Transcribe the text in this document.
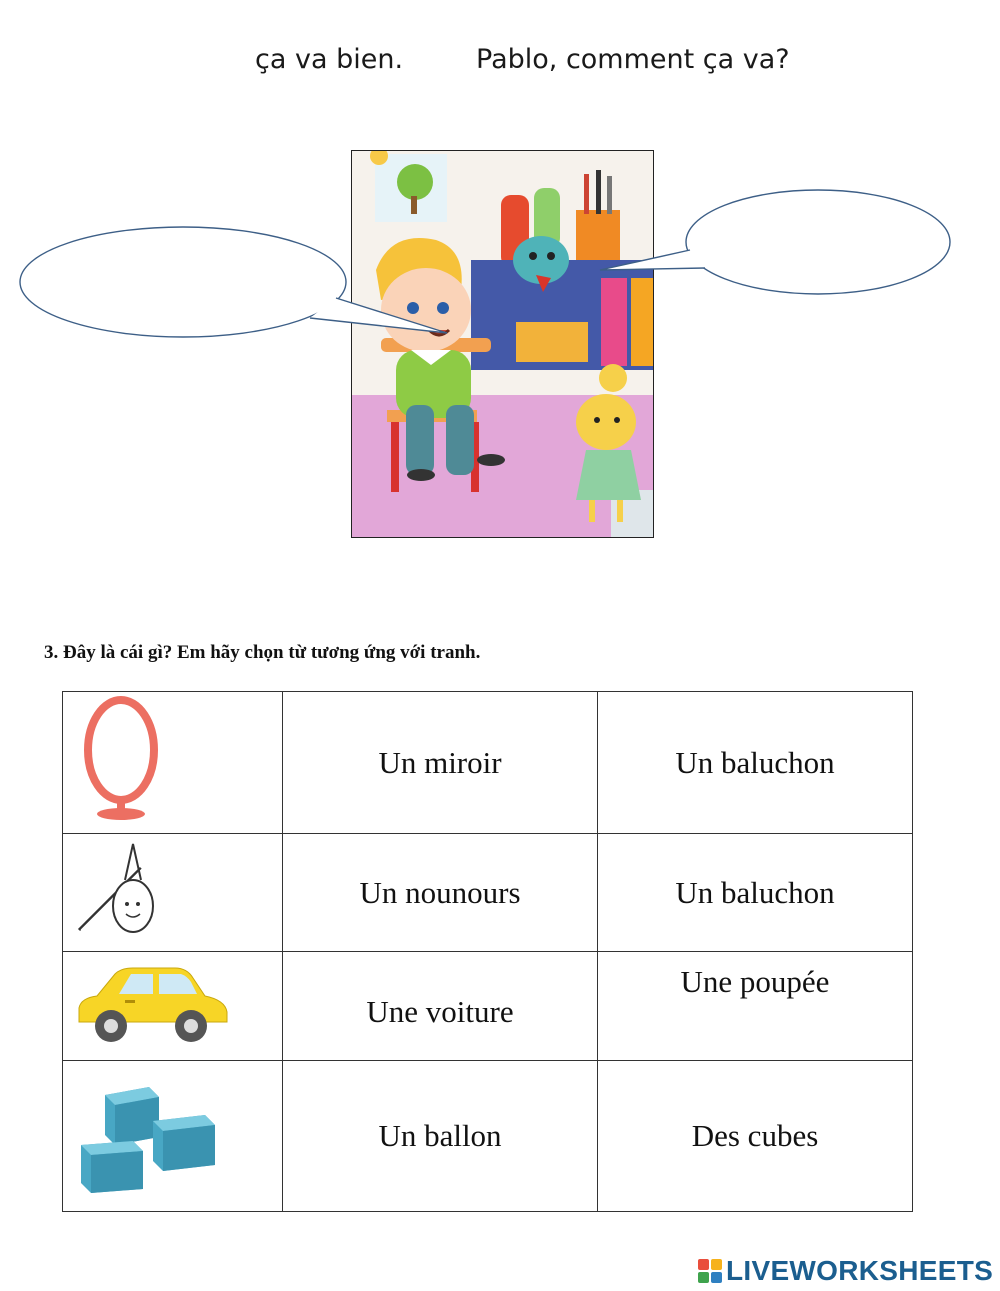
ça va bien.	Pablo, comment ça va?
3. Đây là cái gì? Em hãy chọn từ tương ứng với tranh.
	Un miroir	Un baluchon
	Un nounours	Un baluchon
	Une voiture	Une poupée
	Un ballon	Des cubes
LIVEWORKSHEETS
